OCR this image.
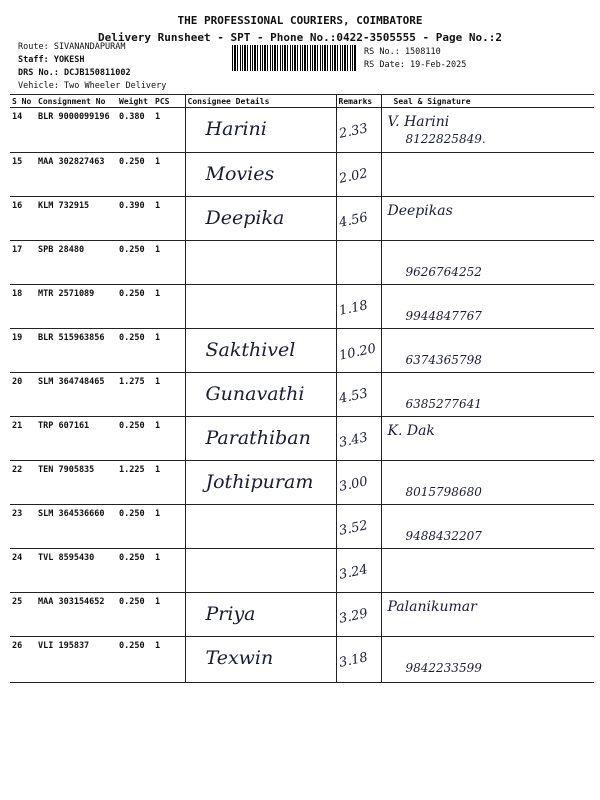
THE PROFESSIONAL COURIERS, COIMBATORE
Delivery Runsheet - SPT - Phone No.:0422-3505555 - Page No.:2
Route: SIVANANDAPURAM
Staff: YOKESH
DRS No.: DCJB150811002
Vehicle: Two Wheeler Delivery
RS No.: 1508110
RS Date: 19-Feb-2025
S No	Consignment No	Weight	PCS	Consignee Details	Remarks	Seal & Signature
14	BLR 9000099196	0.380	1	Harini	2.33	V. Harini
8122825849.

15	MAA 302827463	0.250	1	Movies	2.02	

16	KLM 732915	0.390	1	Deepika	4.56	Deepikas

17	SPB 28480	0.250	1			9626764252

18	MTR 2571089	0.250	1		1.18	9944847767

19	BLR 515963856	0.250	1	Sakthivel	10.20	6374365798

20	SLM 364748465	1.275	1	Gunavathi	4.53	6385277641

21	TRP 607161	0.250	1	Parathiban	3.43	K. Dak

22	TEN 7905835	1.225	1	Jothipuram	3.00	8015798680

23	SLM 364536660	0.250	1		3.52	9488432207

24	TVL 8595430	0.250	1		3.24	

25	MAA 303154652	0.250	1	Priya	3.29	Palanikumar

26	VLI 195837	0.250	1	Texwin	3.18	9842233599
